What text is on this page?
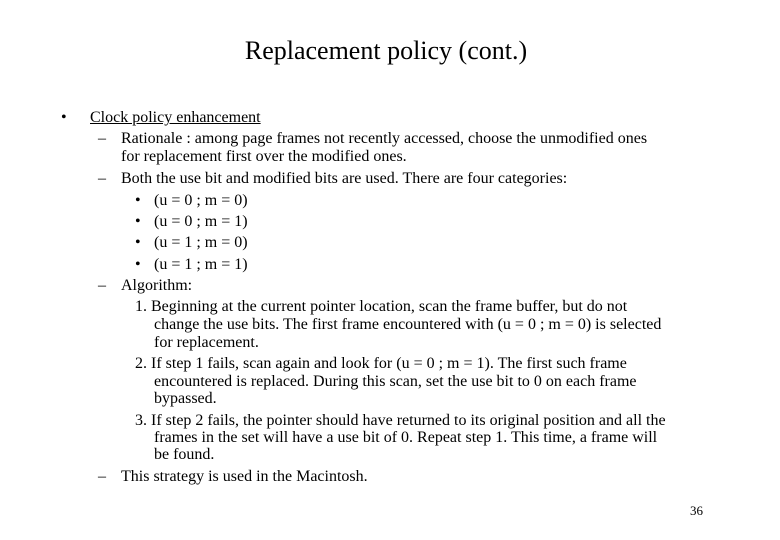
Replacement policy (cont.)
• Clock policy enhancement
– Rationale : among page frames not recently accessed, choose the unmodified ones
for replacement first over the modified ones.
– Both the use bit and modified bits are used. There are four categories:
• (u = 0 ; m = 0)
• (u = 0 ; m = 1)
• (u = 1 ; m = 0)
• (u = 1 ; m = 1)
– Algorithm:
1. Beginning at the current pointer location, scan the frame buffer, but do not
change the use bits. The first frame encountered with (u = 0 ; m = 0) is selected
for replacement.
2. If step 1 fails, scan again and look for (u = 0 ; m = 1). The first such frame
encountered is replaced. During this scan, set the use bit to 0 on each frame
bypassed.
3. If step 2 fails, the pointer should have returned to its original position and all the
frames in the set will have a use bit of 0. Repeat step 1. This time, a frame will
be found.
– This strategy is used in the Macintosh.
36
